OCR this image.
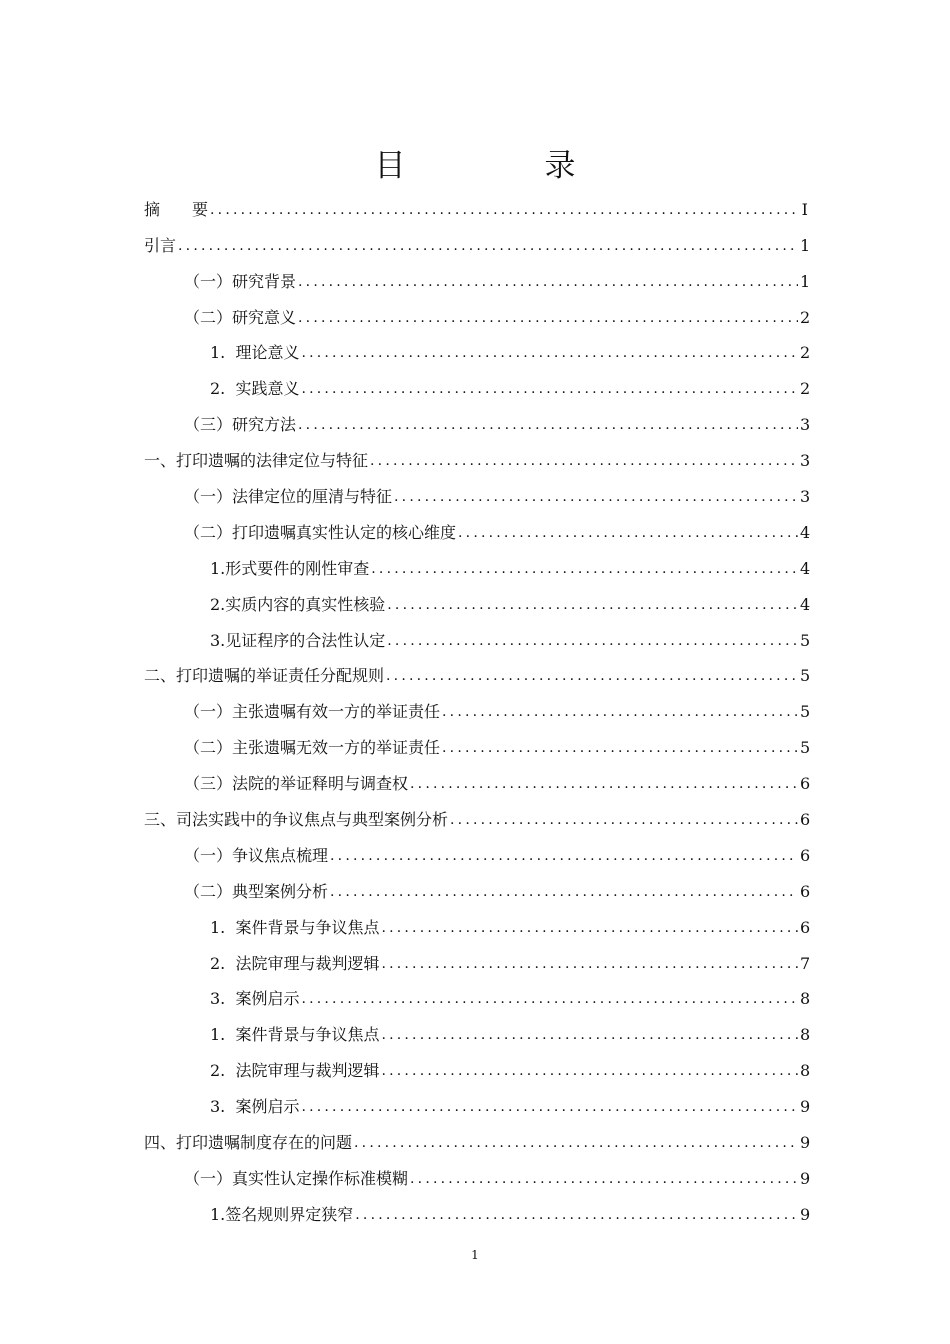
目　录
摘　　要 .....	I
引言 .....	1
（一）研究背景 .....	1
（二）研究意义 .....	2
1.  理论意义 .....	2
2.  实践意义 .....	2
（三）研究方法 .....	3
一、打印遗嘱的法律定位与特征 .....	3
（一）法律定位的厘清与特征 .....	3
（二）打印遗嘱真实性认定的核心维度 .....	4
1.形式要件的刚性审查 .....	4
2.实质内容的真实性核验 .....	4
3.见证程序的合法性认定 .....	5
二、打印遗嘱的举证责任分配规则 .....	5
（一）主张遗嘱有效一方的举证责任 .....	5
（二）主张遗嘱无效一方的举证责任 .....	5
（三）法院的举证释明与调查权 .....	6
三、司法实践中的争议焦点与典型案例分析 .....	6
（一）争议焦点梳理 .....	6
（二）典型案例分析 .....	6
1.  案件背景与争议焦点 .....	6
2.  法院审理与裁判逻辑 .....	7
3.  案例启示 .....	8
1.  案件背景与争议焦点 .....	8
2.  法院审理与裁判逻辑 .....	8
3.  案例启示 .....	9
四、打印遗嘱制度存在的问题 .....	9
（一）真实性认定操作标准模糊 .....	9
1.签名规则界定狭窄 .....	9
1
